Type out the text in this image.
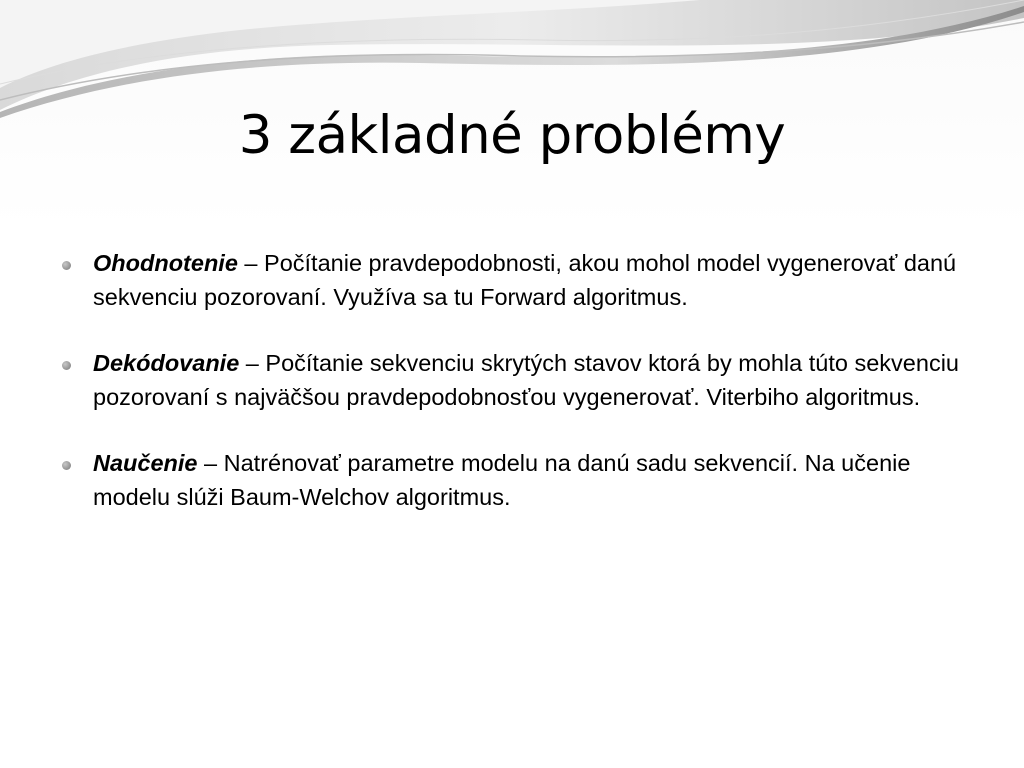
3 základné problémy
Ohodnotenie – Počítanie pravdepodobnosti, akou mohol model vygenerovať danú sekvenciu pozorovaní. Využíva sa tu Forward algoritmus.
Dekódovanie – Počítanie sekvenciu skrytých stavov ktorá by mohla túto sekvenciu pozorovaní s najväčšou pravdepodobnosťou vygenerovať. Viterbiho algoritmus.
Naučenie – Natrénovať parametre modelu na danú sadu sekvencií. Na učenie modelu slúži Baum-Welchov algoritmus.
